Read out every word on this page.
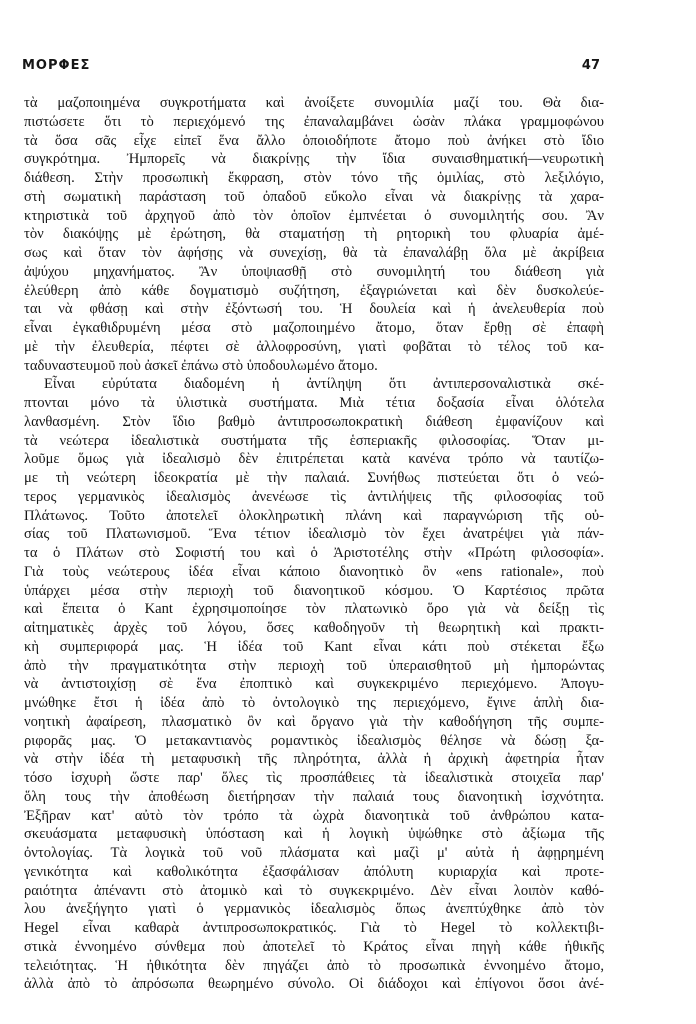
ΜΟΡΦΕΣ	47
τὰ μαζοποιημένα συγκροτήματα καὶ ἀνοίξετε συνομιλία μαζί του. Θὰ δια-
πιστώσετε ὅτι τὸ περιεχόμενό της ἐπαναλαμβάνει ὡσὰν πλάκα γραμμοφώνου
τὰ ὅσα σᾶς εἶχε εἰπεῖ ἕνα ἄλλο ὁποιοδήποτε ἄτομο ποὺ ἀνήκει στὸ ἴδιο
συγκρότημα. Ἠμπορεῖς νὰ διακρίνῃς τὴν ἴδια συναισθηματική—νευρωτικὴ
διάθεση. Στὴν προσωπικὴ ἔκφραση, στὸν τόνο τῆς ὁμιλίας, στὸ λεξιλόγιο,
στὴ σωματικὴ παράσταση τοῦ ὀπαδοῦ εὔκολο εἶναι νὰ διακρίνῃς τὰ χαρα-
κτηριστικὰ τοῦ ἀρχηγοῦ ἀπὸ τὸν ὁποῖον ἐμπνέεται ὁ συνομιλητής σου. Ἂν
τὸν διακόψῃς μὲ ἐρώτηση, θὰ σταματήσῃ τὴ ρητορικὴ του φλυαρία ἀμέ-
σως καὶ ὅταν τὸν ἀφήσῃς νὰ συνεχίσῃ, θὰ τὰ ἐπαναλάβῃ ὅλα μὲ ἀκρίβεια
ἀψύχου μηχανήματος. Ἂν ὑποψιασθῇ στὸ συνομιλητή του διάθεση γιὰ
ἐλεύθερη ἀπὸ κάθε δογματισμὸ συζήτηση, ἐξαγριώνεται καὶ δὲν δυσκολεύε-
ται νὰ φθάσῃ καὶ στὴν ἐξόντωσή του. Ἡ δουλεία καὶ ἡ ἀνελευθερία ποὺ
εἶναι ἐγκαθιδρυμένη μέσα στὸ μαζοποιημένο ἄτομο, ὅταν ἔρθῃ σὲ ἐπαφὴ
μὲ τὴν ἐλευθερία, πέφτει σὲ ἀλλοφροσύνη, γιατὶ φοβᾶται τὸ τέλος τοῦ κα-
ταδυναστευμοῦ ποὺ ἀσκεῖ ἐπάνω στὸ ὑποδουλωμένο ἄτομο.
Εἶναι εὐρύτατα διαδομένη ἡ ἀντίληψη ὅτι ἀντιπερσοναλιστικὰ σκέ-
πτονται μόνο τὰ ὑλιστικὰ συστήματα. Μιὰ τέτια δοξασία εἶναι ὁλότελα
λανθασμένη. Στὸν ἴδιο βαθμὸ ἀντιπροσωποκρατικὴ διάθεση ἐμφανίζουν καὶ
τὰ νεώτερα ἰδεαλιστικὰ συστήματα τῆς ἑσπεριακῆς φιλοσοφίας. Ὅταν μι-
λοῦμε ὅμως γιὰ ἰδεαλισμὸ δὲν ἐπιτρέπεται κατὰ κανένα τρόπο νὰ ταυτίζω-
με τὴ νεώτερη ἰδεοκρατία μὲ τὴν παλαιά. Συνήθως πιστεύεται ὅτι ὁ νεώ-
τερος γερμανικὸς ἰδεαλισμὸς ἀνενέωσε τὶς ἀντιλήψεις τῆς φιλοσοφίας τοῦ
Πλάτωνος. Τοῦτο ἀποτελεῖ ὁλοκληρωτικὴ πλάνη καὶ παραγνώριση τῆς οὐ-
σίας τοῦ Πλατωνισμοῦ. Ἕνα τέτιον ἰδεαλισμὸ τὸν ἔχει ἀνατρέψει γιὰ πάν-
τα ὁ Πλάτων στὸ Σοφιστή του καὶ ὁ Ἀριστοτέλης στὴν «Πρώτη φιλοσοφία».
Γιὰ τοὺς νεώτερους ἰδέα εἶναι κάποιο διανοητικὸ ὂν «ens rationale», ποὺ
ὑπάρχει μέσα στὴν περιοχὴ τοῦ διανοητικοῦ κόσμου. Ὁ Καρτέσιος πρῶτα
καὶ ἔπειτα ὁ Kant ἐχρησιμοποίησε τὸν πλατωνικὸ ὅρο γιὰ νὰ δείξῃ τὶς
αἰτηματικὲς ἀρχὲς τοῦ λόγου, ὅσες καθοδηγοῦν τὴ θεωρητικὴ καὶ πρακτι-
κὴ συμπεριφορά μας. Ἡ ἰδέα τοῦ Kant εἶναι κάτι ποὺ στέκεται ἔξω
ἀπὸ τὴν πραγματικότητα στὴν περιοχὴ τοῦ ὑπεραισθητοῦ μὴ ἠμπορώντας
νὰ ἀντιστοιχίσῃ σὲ ἕνα ἐποπτικὸ καὶ συγκεκριμένο περιεχόμενο. Ἀπογυ-
μνώθηκε ἔτσι ἡ ἰδέα ἀπὸ τὸ ὀντολογικὸ της περιεχόμενο, ἔγινε ἁπλὴ δια-
νοητικὴ ἀφαίρεση, πλασματικὸ ὂν καὶ ὄργανο γιὰ τὴν καθοδήγηση τῆς συμπε-
ριφορᾶς μας. Ὁ μετακαντιανὸς ρομαντικὸς ἰδεαλισμὸς θέλησε νὰ δώσῃ ξα-
νὰ στὴν ἰδέα τὴ μεταφυσικὴ τῆς πληρότητα, ἀλλὰ ἡ ἀρχικὴ ἀφετηρία ἦταν
τόσο ἰσχυρὴ ὥστε παρ' ὅλες τὶς προσπάθειες τὰ ἰδεαλιστικὰ στοιχεῖα παρ'
ὅλη τους τὴν ἀποθέωση διετήρησαν τὴν παλαιά τους διανοητικὴ ἰσχνότητα.
Ἐξῆραν κατ' αὐτὸ τὸν τρόπο τὰ ὠχρὰ διανοητικὰ τοῦ ἀνθρώπου κατα-
σκευάσματα μεταφυσικὴ ὑπόσταση καὶ ἡ λογικὴ ὑψώθηκε στὸ ἀξίωμα τῆς
ὀντολογίας. Τὰ λογικὰ τοῦ νοῦ πλάσματα καὶ μαζὶ μ' αὐτὰ ἡ ἀφῃρημένη
γενικότητα καὶ καθολικότητα ἐξασφάλισαν ἀπόλυτη κυριαρχία καὶ προτε-
ραιότητα ἀπέναντι στὸ ἀτομικὸ καὶ τὸ συγκεκριμένο. Δὲν εἶναι λοιπὸν καθό-
λου ἀνεξήγητο γιατὶ ὁ γερμανικὸς ἰδεαλισμὸς ὅπως ἀνεπτύχθηκε ἀπὸ τὸν
Hegel εἶναι καθαρὰ ἀντιπροσωποκρατικός. Γιὰ τὸ Hegel τὸ κολλεκτιβι-
στικὰ ἐννοημένο σύνθεμα ποὺ ἀποτελεῖ τὸ Κράτος εἶναι πηγὴ κάθε ἠθικῆς
τελειότητας. Ἡ ἠθικότητα δὲν πηγάζει ἀπὸ τὸ προσωπικὰ ἐννοημένο ἄτομο,
ἀλλὰ ἀπὸ τὸ ἀπρόσωπα θεωρημένο σύνολο. Οἱ διάδοχοι καὶ ἐπίγονοι ὅσοι ἀνέ-
